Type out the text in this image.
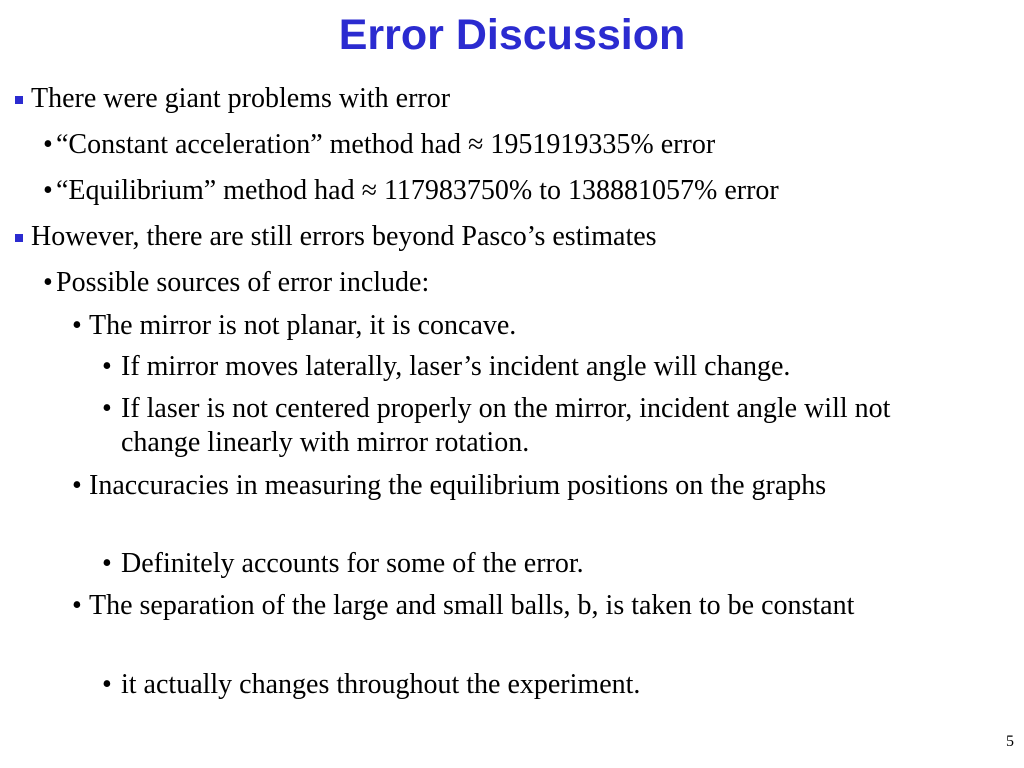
Error Discussion
There were giant problems with error
• “Constant acceleration” method had ≈ 1951919335% error
• “Equilibrium” method had ≈ 117983750% to 138881057% error
However, there are still errors beyond Pasco’s estimates
• Possible sources of error include:
• The mirror is not planar, it is concave.
• If mirror moves laterally, laser’s incident angle will change.
• If laser is not centered properly on the mirror, incident angle will not change linearly with mirror rotation.
• Inaccuracies in measuring the equilibrium positions on the graphs
• Definitely accounts for some of the error.
• The separation of the large and small balls, b, is taken to be constant
• it actually changes throughout the experiment.
5
